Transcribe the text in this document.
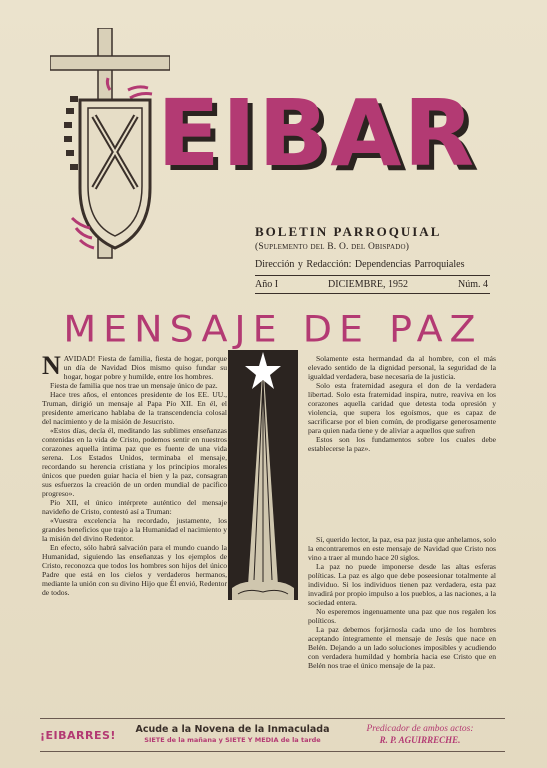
EIBAR
BOLETIN PARROQUIAL
(Suplemento del B. O. del Obispado)
Dirección y Redacción: Dependencias Parroquiales
Año I	DICIEMBRE, 1952	Núm. 4
MENSAJE DE PAZ

NAVIDAD! Fiesta de familia, fiesta de hogar, porque un día de Navidad Dios mismo quiso fundar su hogar, hogar pobre y humilde, entre los hombres.

Fiesta de familia que nos trae un mensaje único de paz.

Hace tres años, el entonces presidente de los EE. UU., Truman, dirigió un mensaje al Papa Pío XII. En él, el presidente americano hablaba de la transcendencia colosal del nacimiento y de la misión de Jesucristo.

«Estos días, decía él, meditando las sublimes enseñanzas contenidas en la vida de Cristo, podemos sentir en nuestros corazones aquella íntima paz que es fuente de una vida serena. Los Estados Unidos, terminaba el mensaje, recordando su herencia cristiana y los principios morales únicos que pueden guiar hacia el bien y la paz, consagran sus esfuerzos la creación de un orden mundial de pacífico progreso».

Pío XII, el único intérprete auténtico del mensaje navideño de Cristo, contestó así a Truman:

«Vuestra excelencia ha recordado, justamente, los grandes beneficios que trajo a la Humanidad el nacimiento y la misión del divino Redentor.

En efecto, sólo habrá salvación para el mundo cuando la Humanidad, siguiendo las enseñanzas y los ejemplos de Cristo, reconozca que todos los hombres son hijos del único Padre que está en los cielos y verdaderos hermanos, mediante la unión con su divino Hijo que Él envió, Redentor de todos.

Solamente esta hermandad da al hombre, con el más elevado sentido de la dignidad personal, la seguridad de la igualdad verdadera, base necesaria de la justicia.

Solo esta fraternidad asegura el don de la verdadera libertad. Solo esta fraternidad inspira, nutre, reaviva en los corazones aquella caridad que detesta toda opresión y violencia, que supera los egoísmos, que es capaz de sacrificarse por el bien común, de prodigarse generosamente para quien nada tiene y de aliviar a aquellos que sufren

Estos son los fundamentos sobre los cuales debe establecerse la paz».

Sí, querido lector, la paz, esa paz justa que anhelamos, solo la encontraremos en este mensaje de Navidad que Cristo nos vino a traer al mundo hace 20 siglos.

La paz no puede imponerse desde las altas esferas políticas. La paz es algo que debe poseesionar totalmente al individuo. Si los individuos tienen paz verdadera, esta paz invadirá por propio impulso a los pueblos, a las naciones, a la sociedad entera.

No esperemos ingenuamente una paz que nos regalen los políticos.

La paz debemos forjárnosla cada uno de los hombres aceptando íntegramente el mensaje de Jesús que nace en Belén. Dejando a un lado soluciones imposibles y acudiendo con verdadera humildad y hombría hacia ese Cristo que en Belén nos trae el único mensaje de la paz.

¡EIBARRES!	Acude a la Novena de la Inmaculada
SIETE de la mañana y SIETE Y MEDIA de la tarde
Predicador de ambos actos:
R. P. AGUIRRECHE.
